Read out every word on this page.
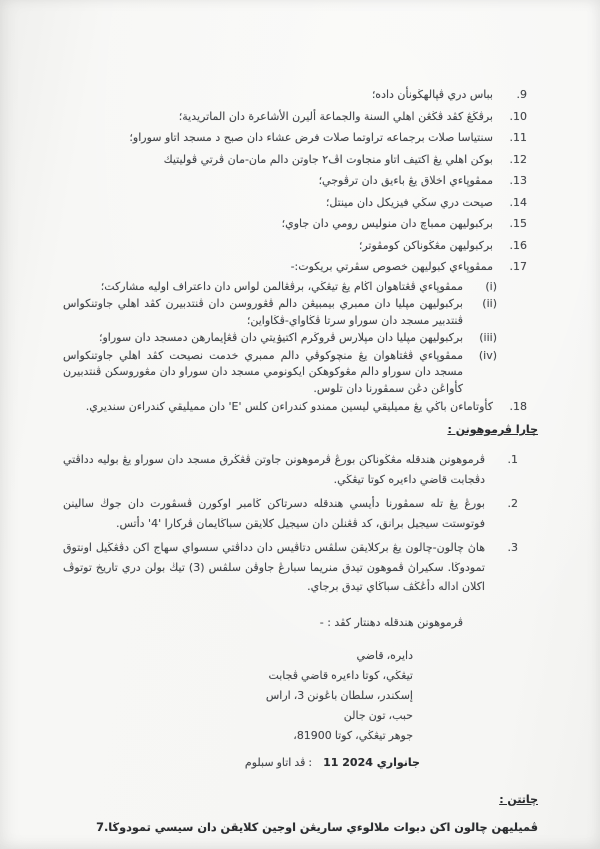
9.
بباس دري ڤڽالهڬونأن داده؛
10.
برڤڬڠ كڤد ڤڬڠن اهلي السنة والجماعة أليرن الأشاعرة دان الماتريدية؛
11.
سنتياسا صلات برجماعه تراوتما صلات فرض عشاء دان صبح د مسجد اتاو سوراو؛
12.
بوكن اهلي يڠ اكتيف اتاو منجاوت اڤ٢ جاوتن دالم مان-مان ڤرتي ڤوليتيك
13.
ممڤوڽاءي اخلاق يڠ باءيق دان ترڤوجي؛
14.
صيحت دري سڬي فيزيكل دان مينتل؛
15.
بركبوليهن ممباچ دان منوليس رومي دان جاوي؛
16.
بركبوليهن مڠڬوناكن كومڤوتر؛
17.
ممڤوڽاءي كبوليهن خصوص سڤرتي بريكوت:-
(i)
ممڤوڽاءي ڤڠتاهوان اڬام يڠ تيڠڬي، برڤڠالمن لواس دان داعتراف اوليه مشاركت؛
(ii)
بركبوليهن مڽليا دان ممبري بيمبيڠن دالم ڤڠوروسن دان ڤنتدبيرن كڤد اهلي جاوتنكواس ڤنتدبير مسجد دان سوراو سرتا ڤڬاواي-ڤڬاواين؛
(iii)
بركبوليهن مڽليا دان مڽلارس ڤروڬرم اكتيۏيتي دان ڤڠإيمارهن دمسجد دان سوراو؛
(iv)
ممڤوڽاءي ڤڠتاهوان يڠ منچوكوڤي دالم ممبري خدمت نصيحت كڤد اهلي جاوتنكواس مسجد دان سوراو دالم مڠوكوهكن ايكونومي مسجد دان سوراو دان مڠوروسكن ڤنتدبيرن كأواڠن دڠن سمڤورنا دان تلوس.
18.
كأوتاماءن باڬي يڠ مميليقي ليسين ممندو كندراءن كلس 'E' دان مميليقي كندراءن سنديري.
چارا ڤرموهونن :
1.
ڤرموهونن هندقله مڠڬوناكن بورڠ ڤرموهونن جاوتن ڤڠڬرق مسجد دان سوراو يڠ بوليه دداڤتي دڤجابت قاضي داءيره كوتا تيڠڬي.
2.
بورڠ يڠ تله سمڤورنا دأيسي هندقله دسرتاكن ڬامبر اوكورن ڤسڤورت دان جوڬ سالينن فوتوستت سيجيل برانق، كد ڤڠنلن دان سيجيل كلايقن سباڬايمان ڤركارا '4' دأتس.
3.
هاڽ چالون-چالون يڠ بركلايقن سلڤس دتاڤيس دان دداڤتي سسواي سهاج اكن دڤڠڬيل اونتوق تمودوڬا. سكيراڽ ڤموهون تيدق منريما سبارڠ جاوڤن سلڤس (3) تيڬ بولن دري تاريخ توتوڤ اكلان اداله دأڠڬڤ سباڬاي تيدق برجاي.
ڤرموهونن هندقله دهنتار كڤد : -
قاضي دايره،
ڤجابت قاضي داءيره كوتا تيڠڬي،
اراس 3، باڠونن سلطان إسكندر،
جالن تون حبب،
81900، كوتا تيڠڬي، جوهر
سبلوم اتاو ڤد : 11 جانواري 2024
چاتتن :
ڤميليهن چالون اكن دبوات ملالوءي ساريڠن اوجين كلايقن دان سيسي تمودوڬا.7
